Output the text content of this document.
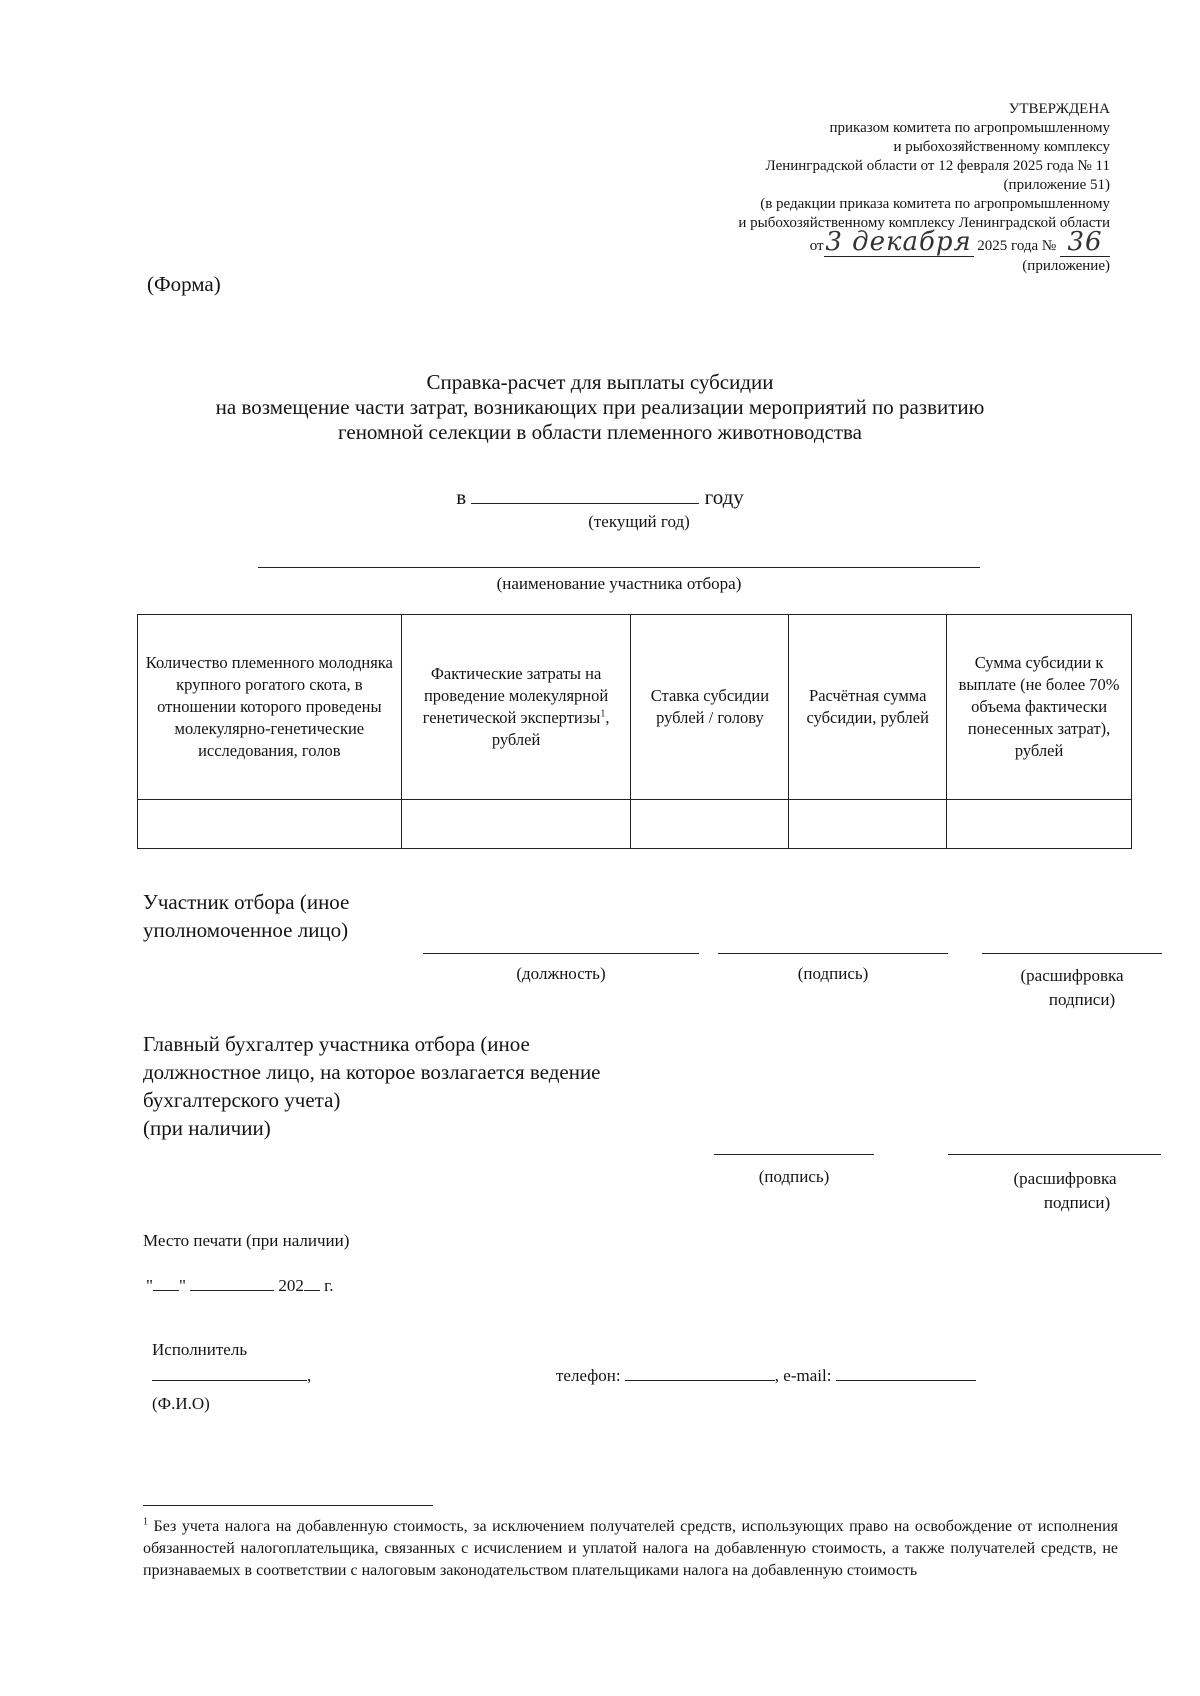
УТВЕРЖДЕНА
приказом комитета по агропромышленному
и рыбохозяйственному комплексу
Ленинградской области от 12 февраля 2025 года № 11
(приложение 51)
(в редакции приказа комитета по агропромышленному
и рыбохозяйственному комплексу Ленинградской области
от3 декабря 2025 года № 36
(приложение)
(Форма)
Справка-расчет для выплаты субсидии
на возмещение части затрат, возникающих при реализации мероприятий по развитию
геномной селекции в области племенного животноводства
в	году
(текущий год)
(наименование участника отбора)
Количество племенного молодняка крупного рогатого скота, в отношении которого проведены молекулярно-генетические исследования, голов	Фактические затраты на проведение молекулярной генетической экспертизы$^1$, рублей	Ставка субсидии рублей / голову	Расчётная сумма субсидии, рублей	Сумма субсидии к выплате (не более 70% объема фактически понесенных затрат), рублей

Участник отбора (иное
уполномоченное лицо)
(должность)	(подпись)	(расшифровка
подписи)
Главный бухгалтер участника отбора (иное
должностное лицо, на которое возлагается ведение
бухгалтерского учета)
(при наличии)
(подпись)	(расшифровка
подписи)
Место печати (при наличии)
" "	202 г.
Исполнитель
,
(Ф.И.О)
телефон:	, e-mail:
$^1$ Без учета налога на добавленную стоимость, за исключением получателей средств, использующих право на освобождение от исполнения обязанностей налогоплательщика, связанных с исчислением и уплатой налога на добавленную стоимость, а также получателей средств, не признаваемых в соответствии с налоговым законодательством плательщиками налога на добавленную стоимость
